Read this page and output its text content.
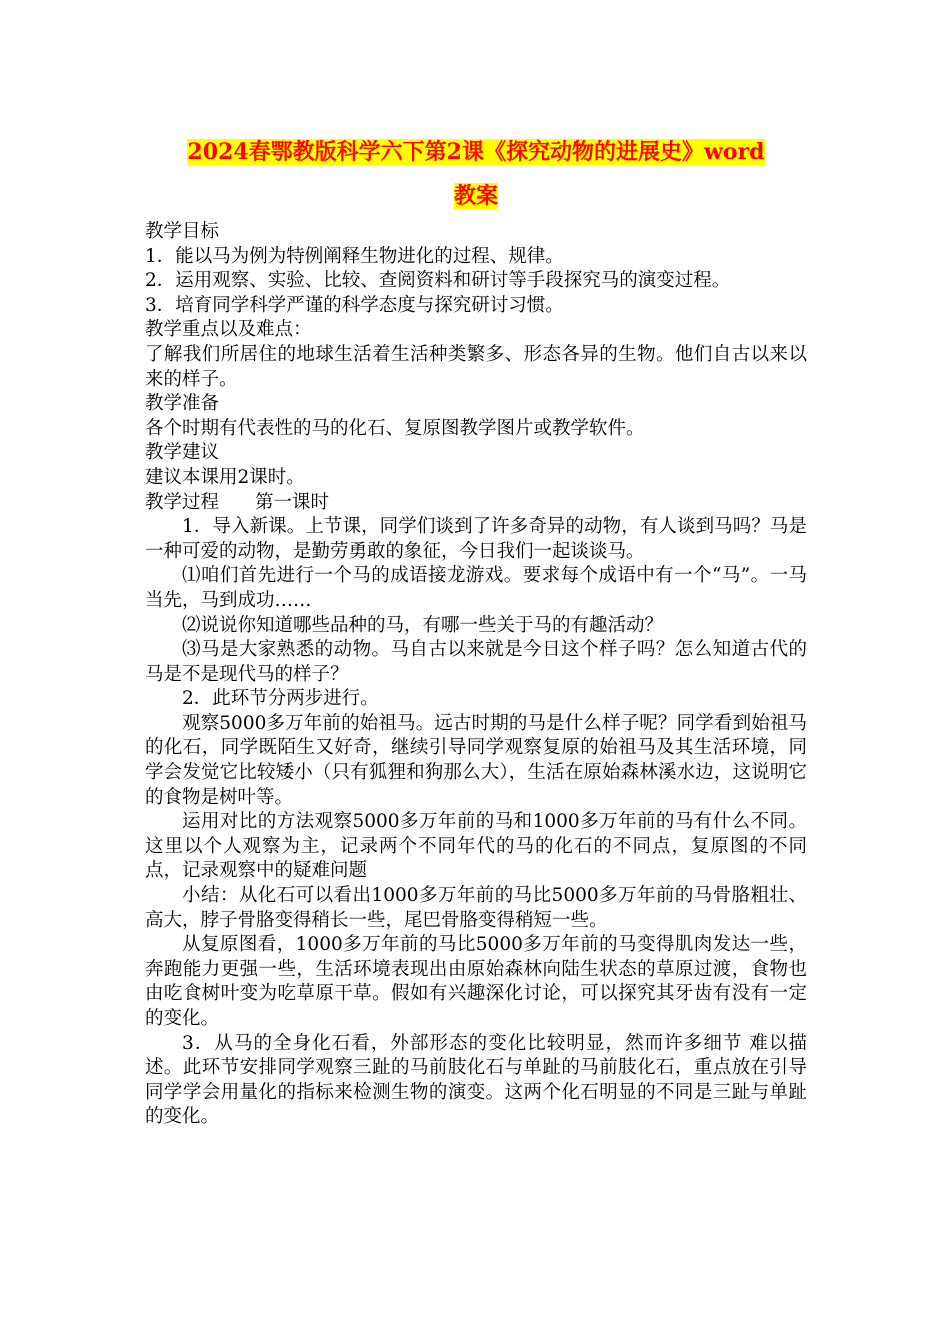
2024春鄂教版科学六下第2课《探究动物的进展史》word
教案

教学目标

1．能以马为例为特例阐释生物进化的过程、规律。

2．运用观察、实验、比较、查阅资料和研讨等手段探究马的演变过程。

3．培育同学科学严谨的科学态度与探究研讨习惯。

教学重点以及难点：

了解我们所居住的地球生活着生活种类繁多、形态各异的生物。他们自古以来以来的样子。

教学准备

各个时期有代表性的马的化石、复原图教学图片或教学软件。

教学建议

建议本课用2课时。

教学过程 第一课时

1．导入新课。上节课，同学们谈到了许多奇异的动物，有人谈到马吗？马是一种可爱的动物，是勤劳勇敢的象征，今日我们一起谈谈马。

⑴咱们首先进行一个马的成语接龙游戏。要求每个成语中有一个“马”。一马当先，马到成功……

⑵说说你知道哪些品种的马，有哪一些关于马的有趣活动？

⑶马是大家熟悉的动物。马自古以来就是今日这个样子吗？怎么知道古代的马是不是现代马的样子？

2．此环节分两步进行。

观察5000多万年前的始祖马。远古时期的马是什么样子呢？同学看到始祖马的化石，同学既陌生又好奇，继续引导同学观察复原的始祖马及其生活环境，同学会发觉它比较矮小（只有狐狸和狗那么大），生活在原始森林溪水边，这说明它的食物是树叶等。

运用对比的方法观察5000多万年前的马和1000多万年前的马有什么不同。这里以个人观察为主，记录两个不同年代的马的化石的不同点，复原图的不同点，记录观察中的疑难问题

小结：从化石可以看出1000多万年前的马比5000多万年前的马骨胳粗壮、高大，脖子骨胳变得稍长一些，尾巴骨胳变得稍短一些。

从复原图看，1000多万年前的马比5000多万年前的马变得肌肉发达一些，奔跑能力更强一些，生活环境表现出由原始森林向陆生状态的草原过渡，食物也由吃食树叶变为吃草原干草。假如有兴趣深化讨论，可以探究其牙齿有没有一定的变化。

3．从马的全身化石看，外部形态的变化比较明显，然而许多细节 难以描述。此环节安排同学观察三趾的马前肢化石与单趾的马前肢化石，重点放在引导同学学会用量化的指标来检测生物的演变。这两个化石明显的不同是三趾与单趾的变化。
